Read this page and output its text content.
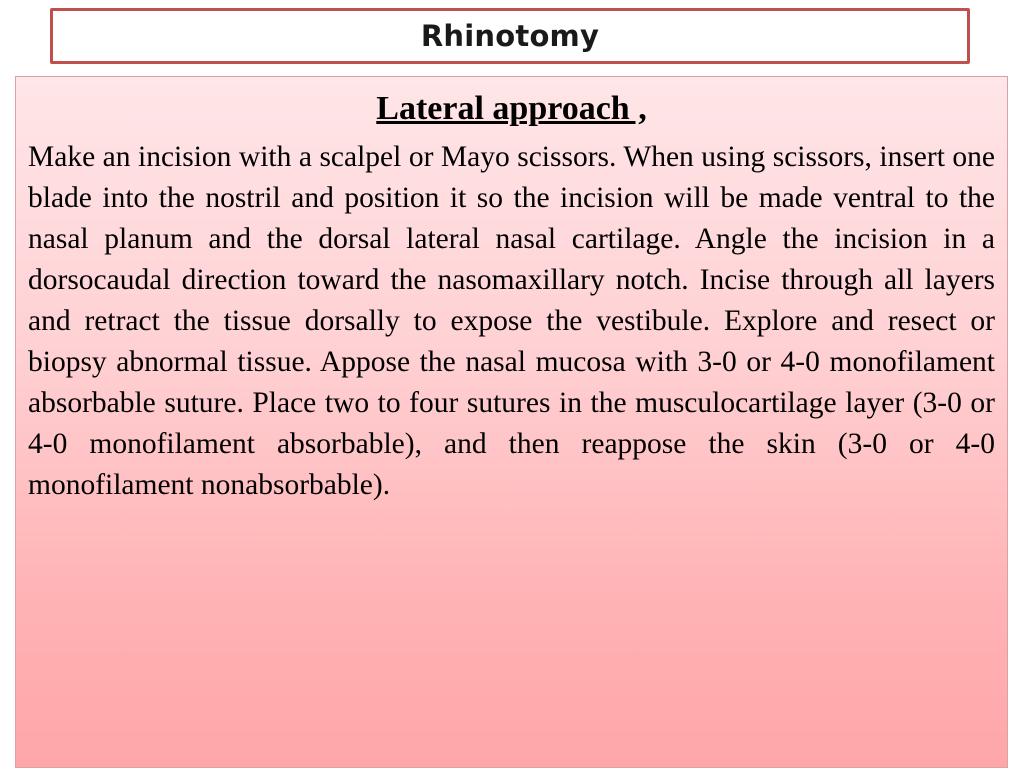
Rhinotomy

Lateral approach ,

Make an incision with a scalpel or Mayo scissors. When using scissors, insert one blade into the nostril and position it so the incision will be made ventral to the nasal planum and the dorsal lateral nasal cartilage. Angle the incision in a dorsocaudal direction toward the nasomaxillary notch. Incise through all layers and retract the tissue dorsally to expose the vestibule. Explore and resect or biopsy abnormal tissue. Appose the nasal mucosa with 3-0 or 4-0 monofilament absorbable suture. Place two to four sutures in the musculocartilage layer (3-0 or 4-0 monofilament absorbable), and then reappose the skin (3-0 or 4-0 monofilament nonabsorbable).
